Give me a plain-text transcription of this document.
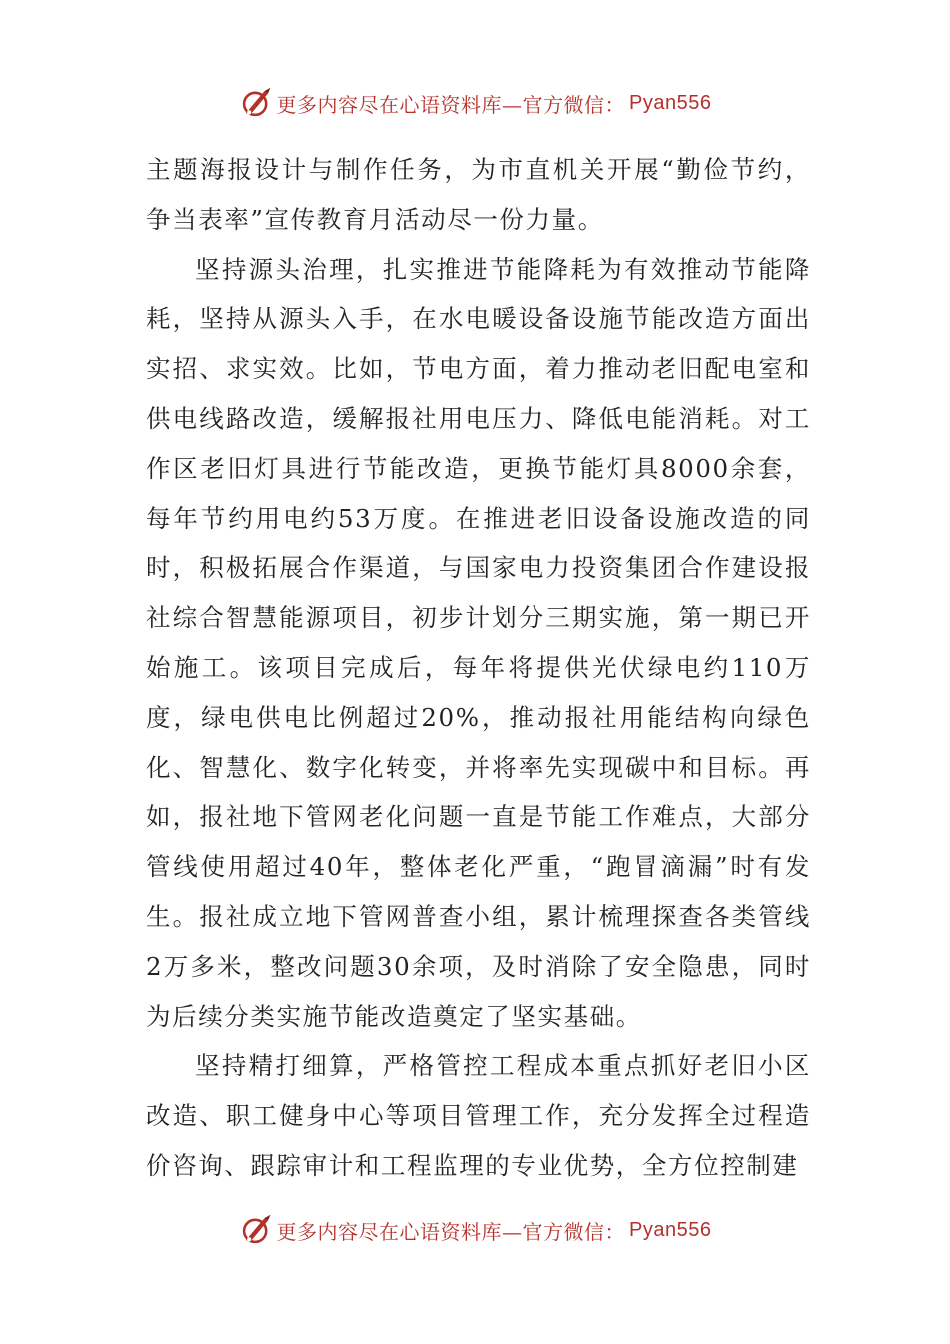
更多内容尽在心语资料库—官方微信： Pyan556

主题海报设计与制作任务，为市直机关开展“勤俭节约，争当表率”宣传教育月活动尽一份力量。

坚持源头治理，扎实推进节能降耗为有效推动节能降耗，坚持从源头入手，在水电暖设备设施节能改造方面出实招、求实效。比如，节电方面，着力推动老旧配电室和供电线路改造，缓解报社用电压力、降低电能消耗。对工作区老旧灯具进行节能改造，更换节能灯具8000余套，每年节约用电约53万度。在推进老旧设备设施改造的同时，积极拓展合作渠道，与国家电力投资集团合作建设报社综合智慧能源项目，初步计划分三期实施，第一期已开始施工。该项目完成后，每年将提供光伏绿电约110万度，绿电供电比例超过20%，推动报社用能结构向绿色化、智慧化、数字化转变，并将率先实现碳中和目标。再如，报社地下管网老化问题一直是节能工作难点，大部分管线使用超过40年，整体老化严重，“跑冒滴漏”时有发生。报社成立地下管网普查小组，累计梳理探查各类管线2万多米，整改问题30余项，及时消除了安全隐患，同时为后续分类实施节能改造奠定了坚实基础。

坚持精打细算，严格管控工程成本重点抓好老旧小区改造、职工健身中心等项目管理工作，充分发挥全过程造价咨询、跟踪审计和工程监理的专业优势，全方位控制建

更多内容尽在心语资料库—官方微信： Pyan556
